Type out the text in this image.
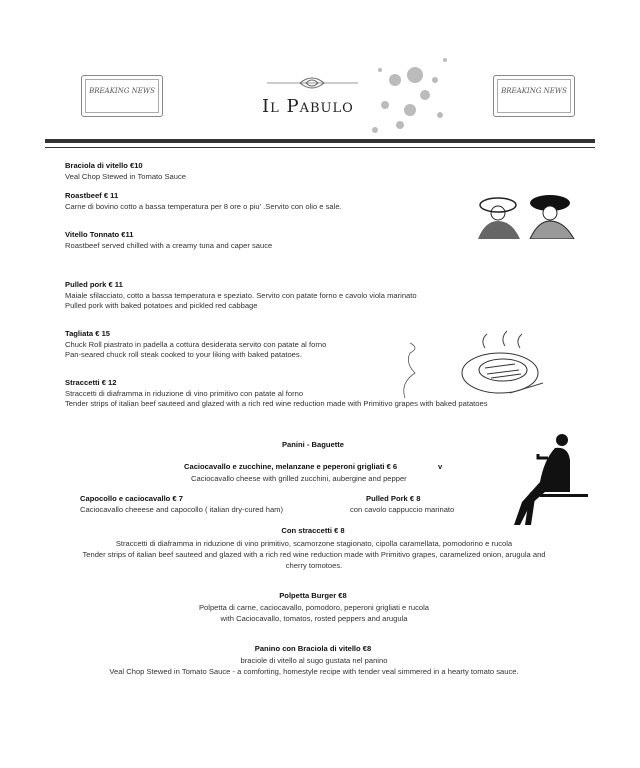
BREAKING NEWS	BREAKING NEWS
Il Pabulo
Braciola di vitello €10
Veal Chop Stewed in Tomato Sauce
Roastbeef € 11
Carne di bovino cotto a bassa temperatura per 8 ore o piu' .Servito con olio e sale.
Vitello Tonnato €11
Roastbeef served chilled with a creamy tuna and caper sauce
Pulled pork € 11
Maiale sfilacciato, cotto a bassa temperatura e speziato. Servito con patate forno e cavolo viola marinato
Pulled pork with baked potatoes and pickled red cabbage
Tagliata € 15
Chuck Roll piastrato in padella a cottura desiderata servito con patate al forno
Pan-seared chuck roll steak cooked to your liking with baked patatoes.
Straccetti € 12
Straccetti di diaframma in riduzione di vino primitivo con patate al forno
Tender strips of italian beef sauteed and glazed with a rich red wine reduction made with Primitivo grapes with baked patatoes
Panini - Baguette
Caciocavallo e zucchine, melanzane e peperoni grigliati € 6	v
Caciocavallo cheese with grilled zucchini, aubergine and pepper
Capocollo e caciocavallo € 7
Caciocavallo cheeese and capocollo ( italian dry-cured ham)
Pulled Pork € 8
con cavolo cappuccio marinato
Con straccetti € 8
Straccetti di diaframma in riduzione di vino primitivo, scamorzone stagionato, cipolla caramellata, pomodorino e rucola
Tender strips of italian beef sauteed and glazed with a rich red wine reduction made with Primitivo grapes, caramelized onion, arugula and
cherry tomotoes.
Polpetta Burger €8
Polpetta di carne, caciocavallo, pomodoro, peperoni grigliati e rucola
with Caciocavallo, tomatos, rosted peppers and arugula
Panino con Braciola di vitello €8
braciole di vitello al sugo gustata nel panino
Veal Chop Stewed in Tomato Sauce - a comforting, homestyle recipe with tender veal simmered in a hearty tomato sauce.
